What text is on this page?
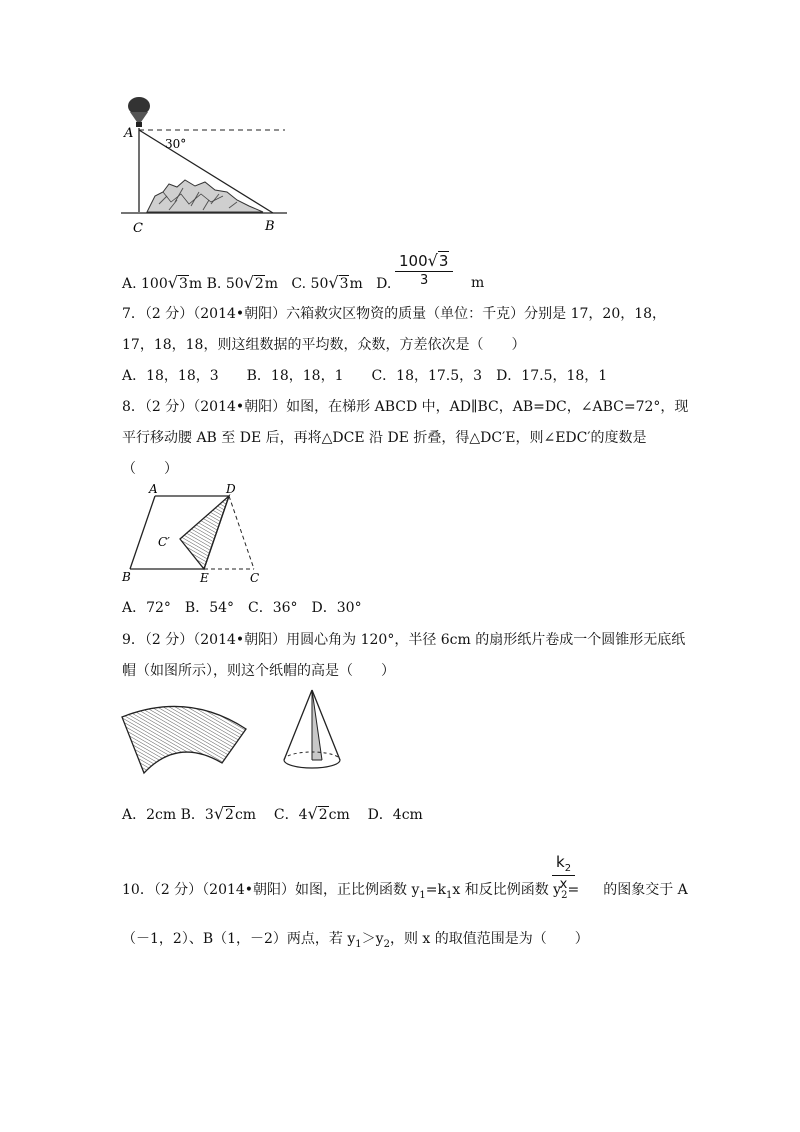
A
C	B
30°
A. 100√3m B. 50√2m C. 50√3m D.
100√3
3	m
7．（2 分）（2014•朝阳）六箱救灾区物资的质量（单位：千克）分别是 17，20，18，
17，18，18，则这组数据的平均数，众数，方差依次是（　　）
A．18，18，3　　B．18，18，1　　C．18，17.5，3　D．17.5，18，1
8．（2 分）（2014•朝阳）如图，在梯形 ABCD 中，AD∥BC，AB=DC，∠ABC=72°，现
平行移动腰 AB 至 DE 后，再将△DCE 沿 DE 折叠，得△DC′E，则∠EDC′的度数是
（　　）
A	D
B	E	C
C′
A．72°　B．54°　C．36°　D．30°
9．（2 分）（2014•朝阳）用圆心角为 120°，半径 6cm 的扇形纸片卷成一个圆锥形无底纸
帽（如图所示），则这个纸帽的高是（　　）
A．2cm B．3√2cm C．4√2cm D．4cm
10．（2 分）（2014•朝阳）如图，正比例函数 $y_1=k_1x$ 和反比例函数 $y_2=$ 的图象交于 A
$k_2$
x
（－1，2）、B（1，－2）两点，若 $y_1>y_2$，则 x 的取值范围是为（　　）
